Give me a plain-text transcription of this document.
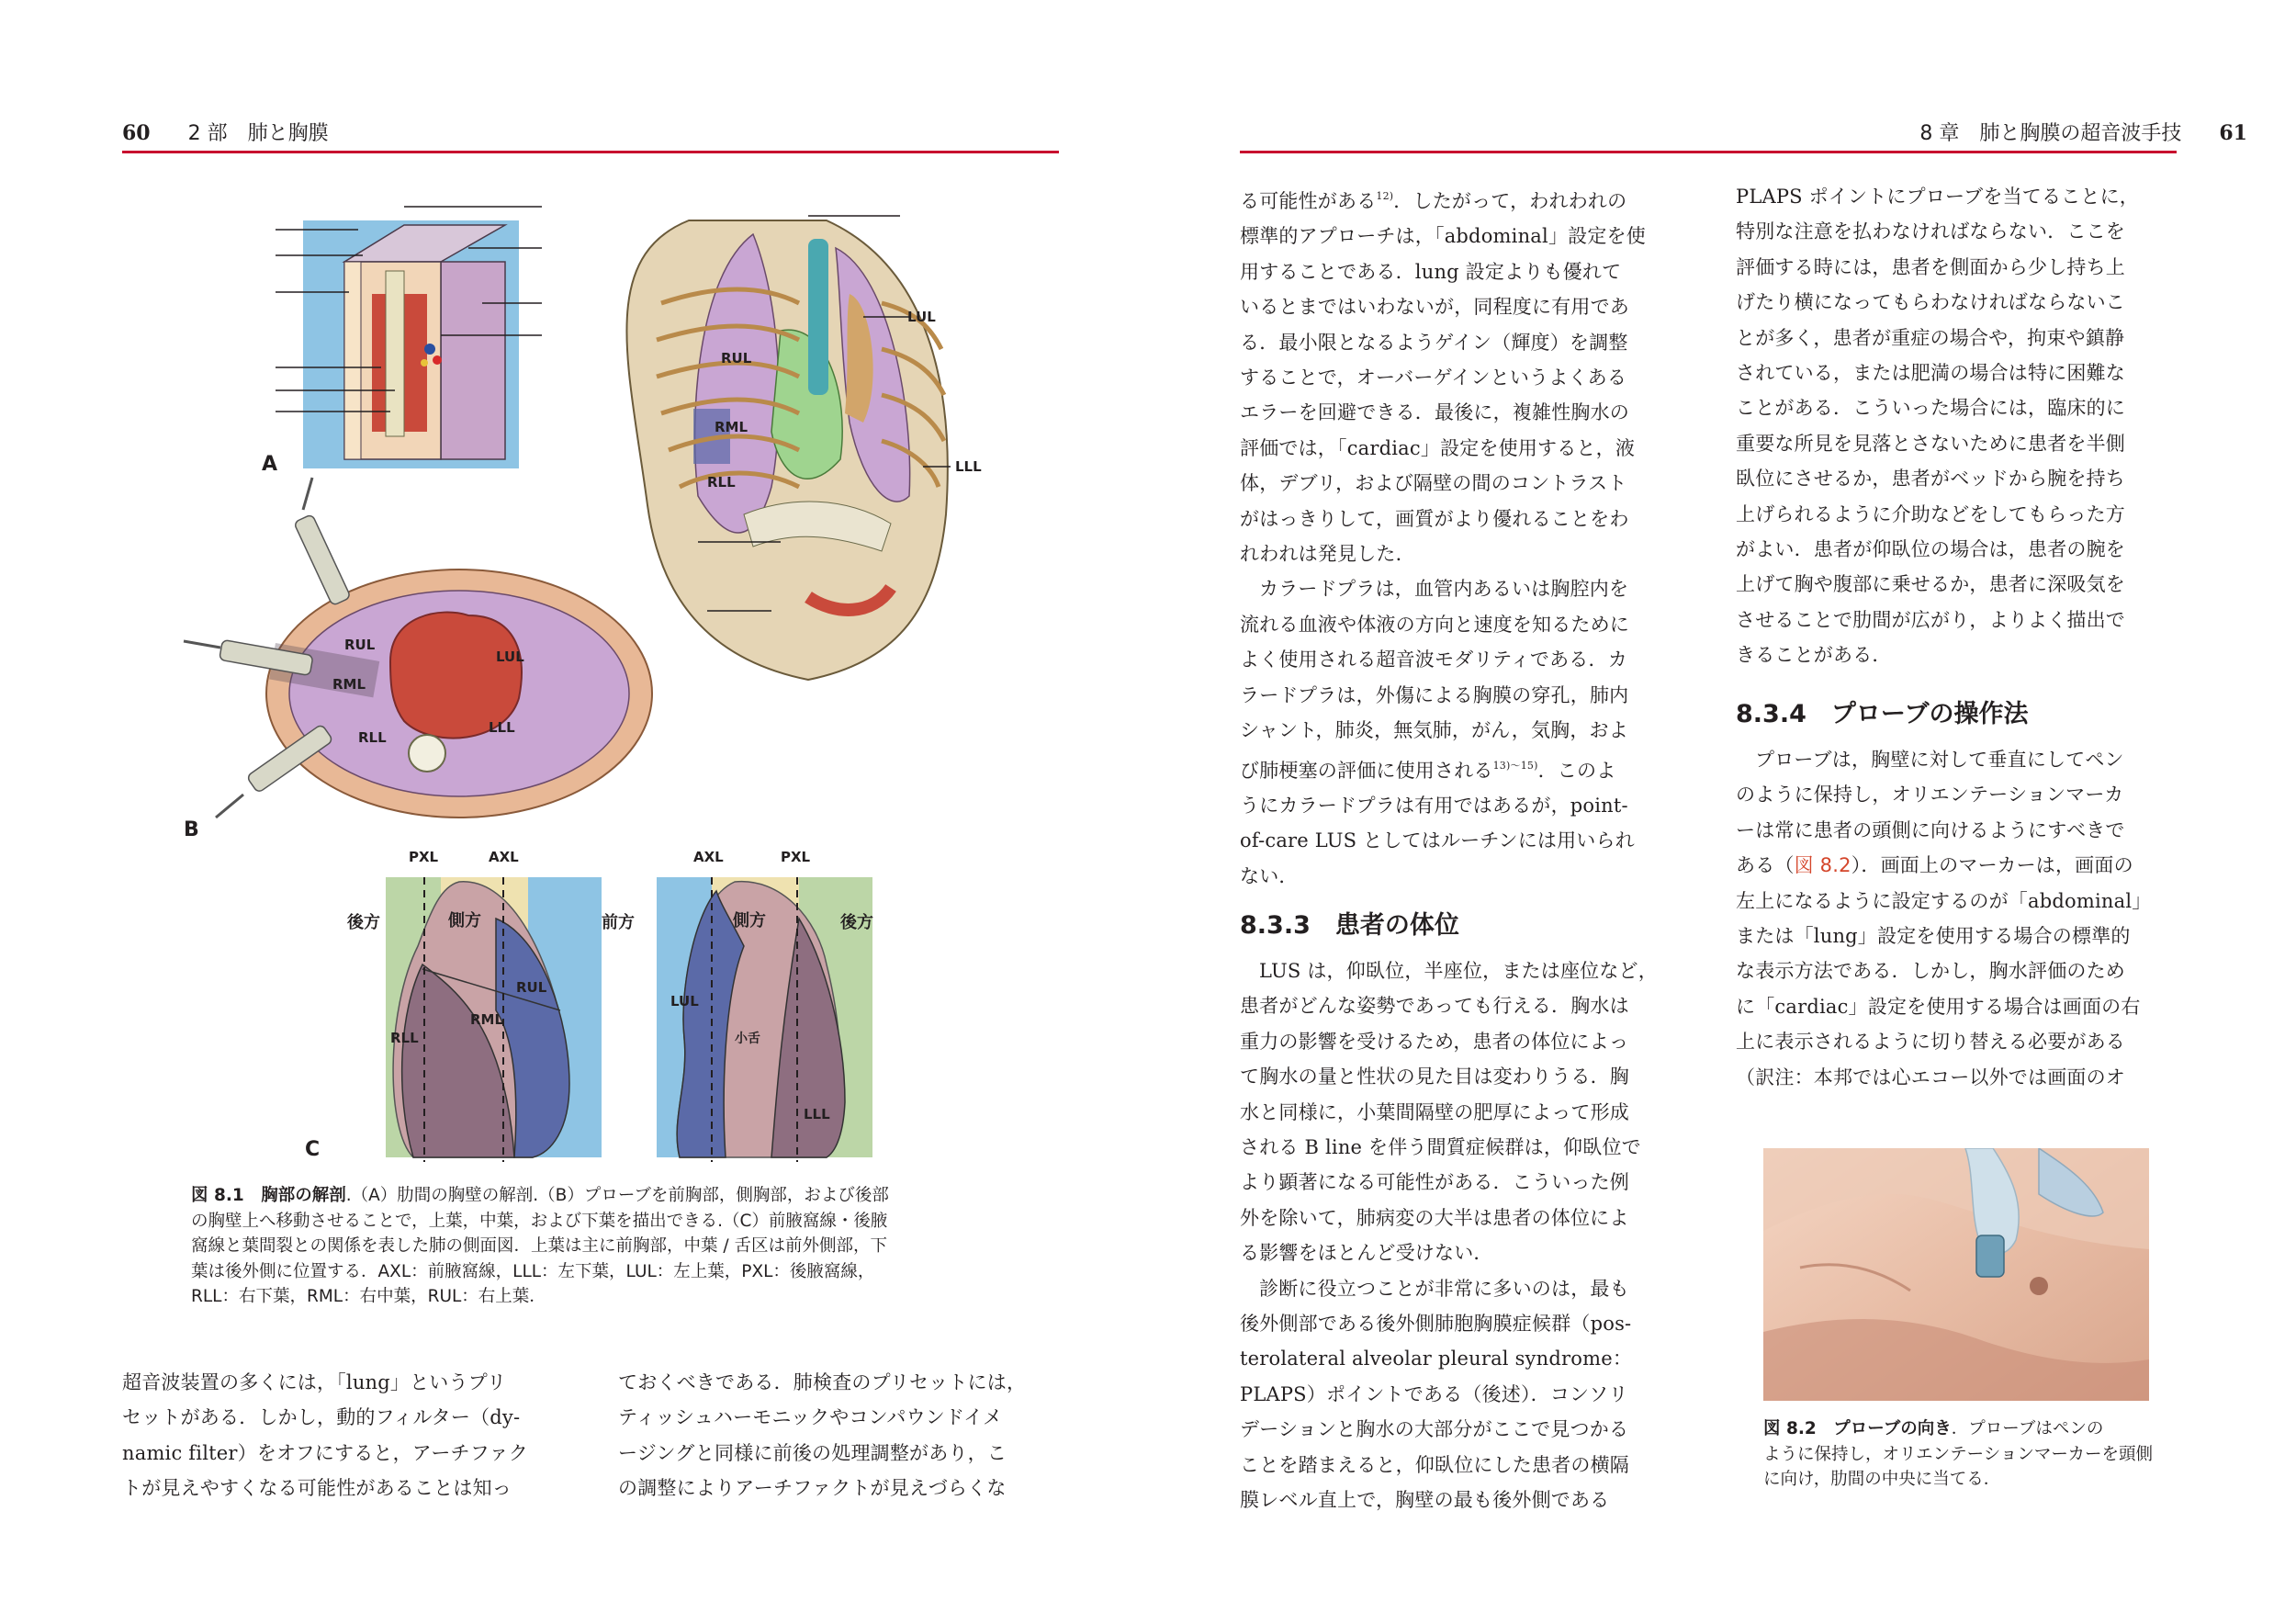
60 2 部　肺と胸膜
A
LUL
RUL
RML
RLL
LLL
RUL
RML
RLL
LUL
LLL
B
PXL	AXL
後方	側方
RUL
RML
RLL
AXL	PXL
前方	側方	後方
LUL
小舌
LLL
C
図 8.1　胸部の解剖.（A）肋間の胸壁の解剖.（B）プローブを前胸部，側胸部，および後部
の胸壁上へ移動させることで，上葉，中葉，および下葉を描出できる.（C）前腋窩線・後腋
窩線と葉間裂との関係を表した肺の側面図．上葉は主に前胸部，中葉 / 舌区は前外側部，下
葉は後外側に位置する．AXL：前腋窩線，LLL：左下葉，LUL：左上葉，PXL：後腋窩線，
RLL：右下葉，RML：右中葉，RUL：右上葉．
超音波装置の多くには，「lung」というプリ
セットがある．しかし，動的フィルター（dy-
namic filter）をオフにすると，アーチファク
トが見えやすくなる可能性があることは知っ
ておくべきである．肺検査のプリセットには，
ティッシュハーモニックやコンパウンドイメ
ージングと同様に前後の処理調整があり，こ
の調整によりアーチファクトが見えづらくな
8 章　肺と胸膜の超音波手技 61
る可能性がある$^{12)}$．したがって，われわれの
標準的アプローチは，「abdominal」設定を使
用することである．lung 設定よりも優れて
いるとまではいわないが，同程度に有用であ
る．最小限となるようゲイン（輝度）を調整
することで，オーバーゲインというよくある
エラーを回避できる．最後に，複雑性胸水の
評価では，「cardiac」設定を使用すると，液
体，デブリ，および隔壁の間のコントラスト
がはっきりして，画質がより優れることをわ
れわれは発見した．
カラードプラは，血管内あるいは胸腔内を
流れる血液や体液の方向と速度を知るために
よく使用される超音波モダリティである．カ
ラードプラは，外傷による胸膜の穿孔，肺内
シャント，肺炎，無気肺，がん，気胸，およ
び肺梗塞の評価に使用される$^{13)\sim 15)}$．このよ
うにカラードプラは有用ではあるが，point-
of-care LUS としてはルーチンには用いられ
ない．
8.3.3　患者の体位
LUS は，仰臥位，半座位，または座位など，
患者がどんな姿勢であっても行える．胸水は
重力の影響を受けるため，患者の体位によっ
て胸水の量と性状の見た目は変わりうる．胸
水と同様に，小葉間隔壁の肥厚によって形成
される B line を伴う間質症候群は，仰臥位で
より顕著になる可能性がある．こういった例
外を除いて，肺病変の大半は患者の体位によ
る影響をほとんど受けない．
診断に役立つことが非常に多いのは，最も
後外側部である後外側肺胞胸膜症候群（pos-
terolateral alveolar pleural syndrome：
PLAPS）ポイントである（後述）．コンソリ
デーションと胸水の大部分がここで見つかる
ことを踏まえると，仰臥位にした患者の横隔
膜レベル直上で，胸壁の最も後外側である
PLAPS ポイントにプローブを当てることに，
特別な注意を払わなければならない．ここを
評価する時には，患者を側面から少し持ち上
げたり横になってもらわなければならないこ
とが多く，患者が重症の場合や，拘束や鎮静
されている，または肥満の場合は特に困難な
ことがある．こういった場合には，臨床的に
重要な所見を見落とさないために患者を半側
臥位にさせるか，患者がベッドから腕を持ち
上げられるように介助などをしてもらった方
がよい．患者が仰臥位の場合は，患者の腕を
上げて胸や腹部に乗せるか，患者に深吸気を
させることで肋間が広がり，よりよく描出で
きることがある．
8.3.4　プローブの操作法
プローブは，胸壁に対して垂直にしてペン
のように保持し，オリエンテーションマーカ
ーは常に患者の頭側に向けるようにすべきで
ある（図 8.2）．画面上のマーカーは，画面の
左上になるように設定するのが「abdominal」
または「lung」設定を使用する場合の標準的
な表示方法である．しかし，胸水評価のため
に「cardiac」設定を使用する場合は画面の右
上に表示されるように切り替える必要がある
（訳注：本邦では心エコー以外では画面のオ
図 8.2　プローブの向き．プローブはペンの
ように保持し，オリエンテーションマーカーを頭側に向け，肋間の中央に当てる．
